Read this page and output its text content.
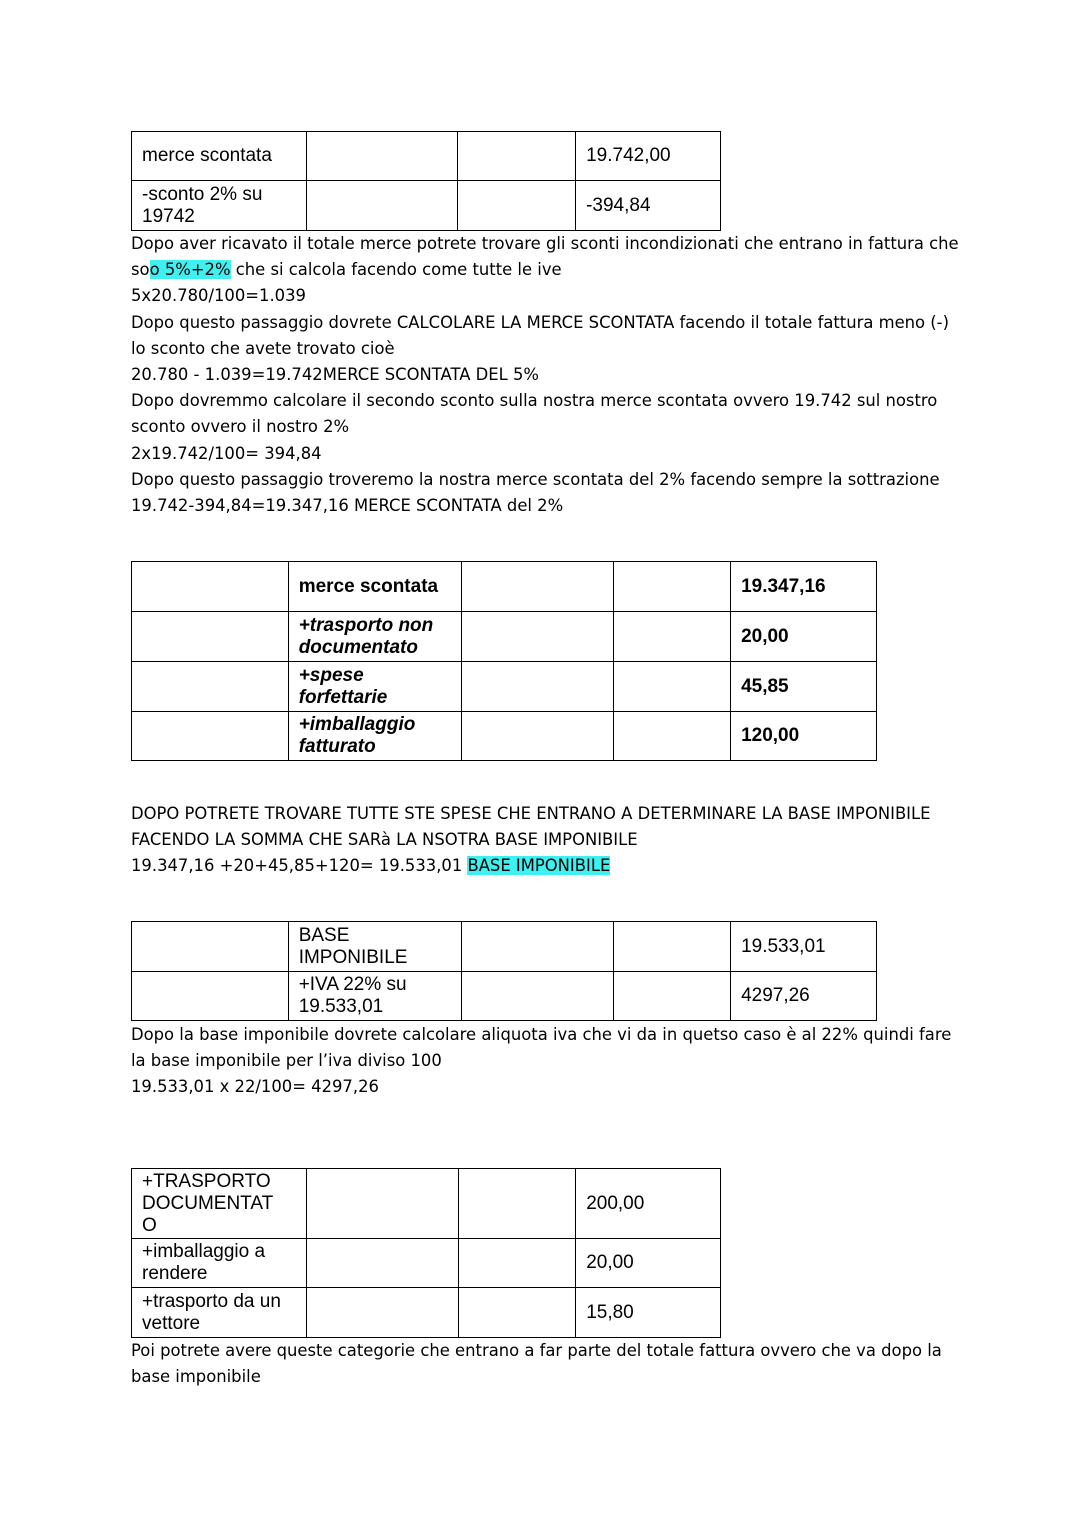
merce scontata			19.742,00

-sconto 2% su
19742			-394,84
Dopo aver ricavato il totale merce potrete trovare gli sconti incondizionati che entrano in fattura che
soo 5%+2% che si calcola facendo come tutte le ive
5x20.780/100=1.039
Dopo questo passaggio dovrete CALCOLARE LA MERCE SCONTATA facendo il totale fattura meno (-)
lo sconto che avete trovato cioè
20.780 - 1.039=19.742MERCE SCONTATA DEL 5%
Dopo dovremmo calcolare il secondo sconto sulla nostra merce scontata ovvero 19.742 sul nostro
sconto ovvero il nostro 2%
2x19.742/100= 394,84
Dopo questo passaggio troveremo la nostra merce scontata del 2% facendo sempre la sottrazione
19.742-394,84=19.347,16 MERCE SCONTATA del 2%
	merce scontata			19.347,16

	+trasporto non
documentato			20,00

	+spese
forfettarie			45,85

	+imballaggio
fatturato			120,00
DOPO POTRETE TROVARE TUTTE STE SPESE CHE ENTRANO A DETERMINARE LA BASE IMPONIBILE
FACENDO LA SOMMA CHE SARà LA NSOTRA BASE IMPONIBILE
19.347,16 +20+45,85+120= 19.533,01 BASE IMPONIBILE

	BASE
IMPONIBILE			19.533,01

	+IVA 22% su
19.533,01			4297,26
Dopo la base imponibile dovrete calcolare aliquota iva che vi da in quetso caso è al 22% quindi fare
la base imponibile per l’iva diviso 100
19.533,01 x 22/100= 4297,26
+TRASPORTO
DOCUMENTAT
O			200,00

+imballaggio a
rendere			20,00

+trasporto da un
vettore			15,80
Poi potrete avere queste categorie che entrano a far parte del totale fattura ovvero che va dopo la
base imponibile
